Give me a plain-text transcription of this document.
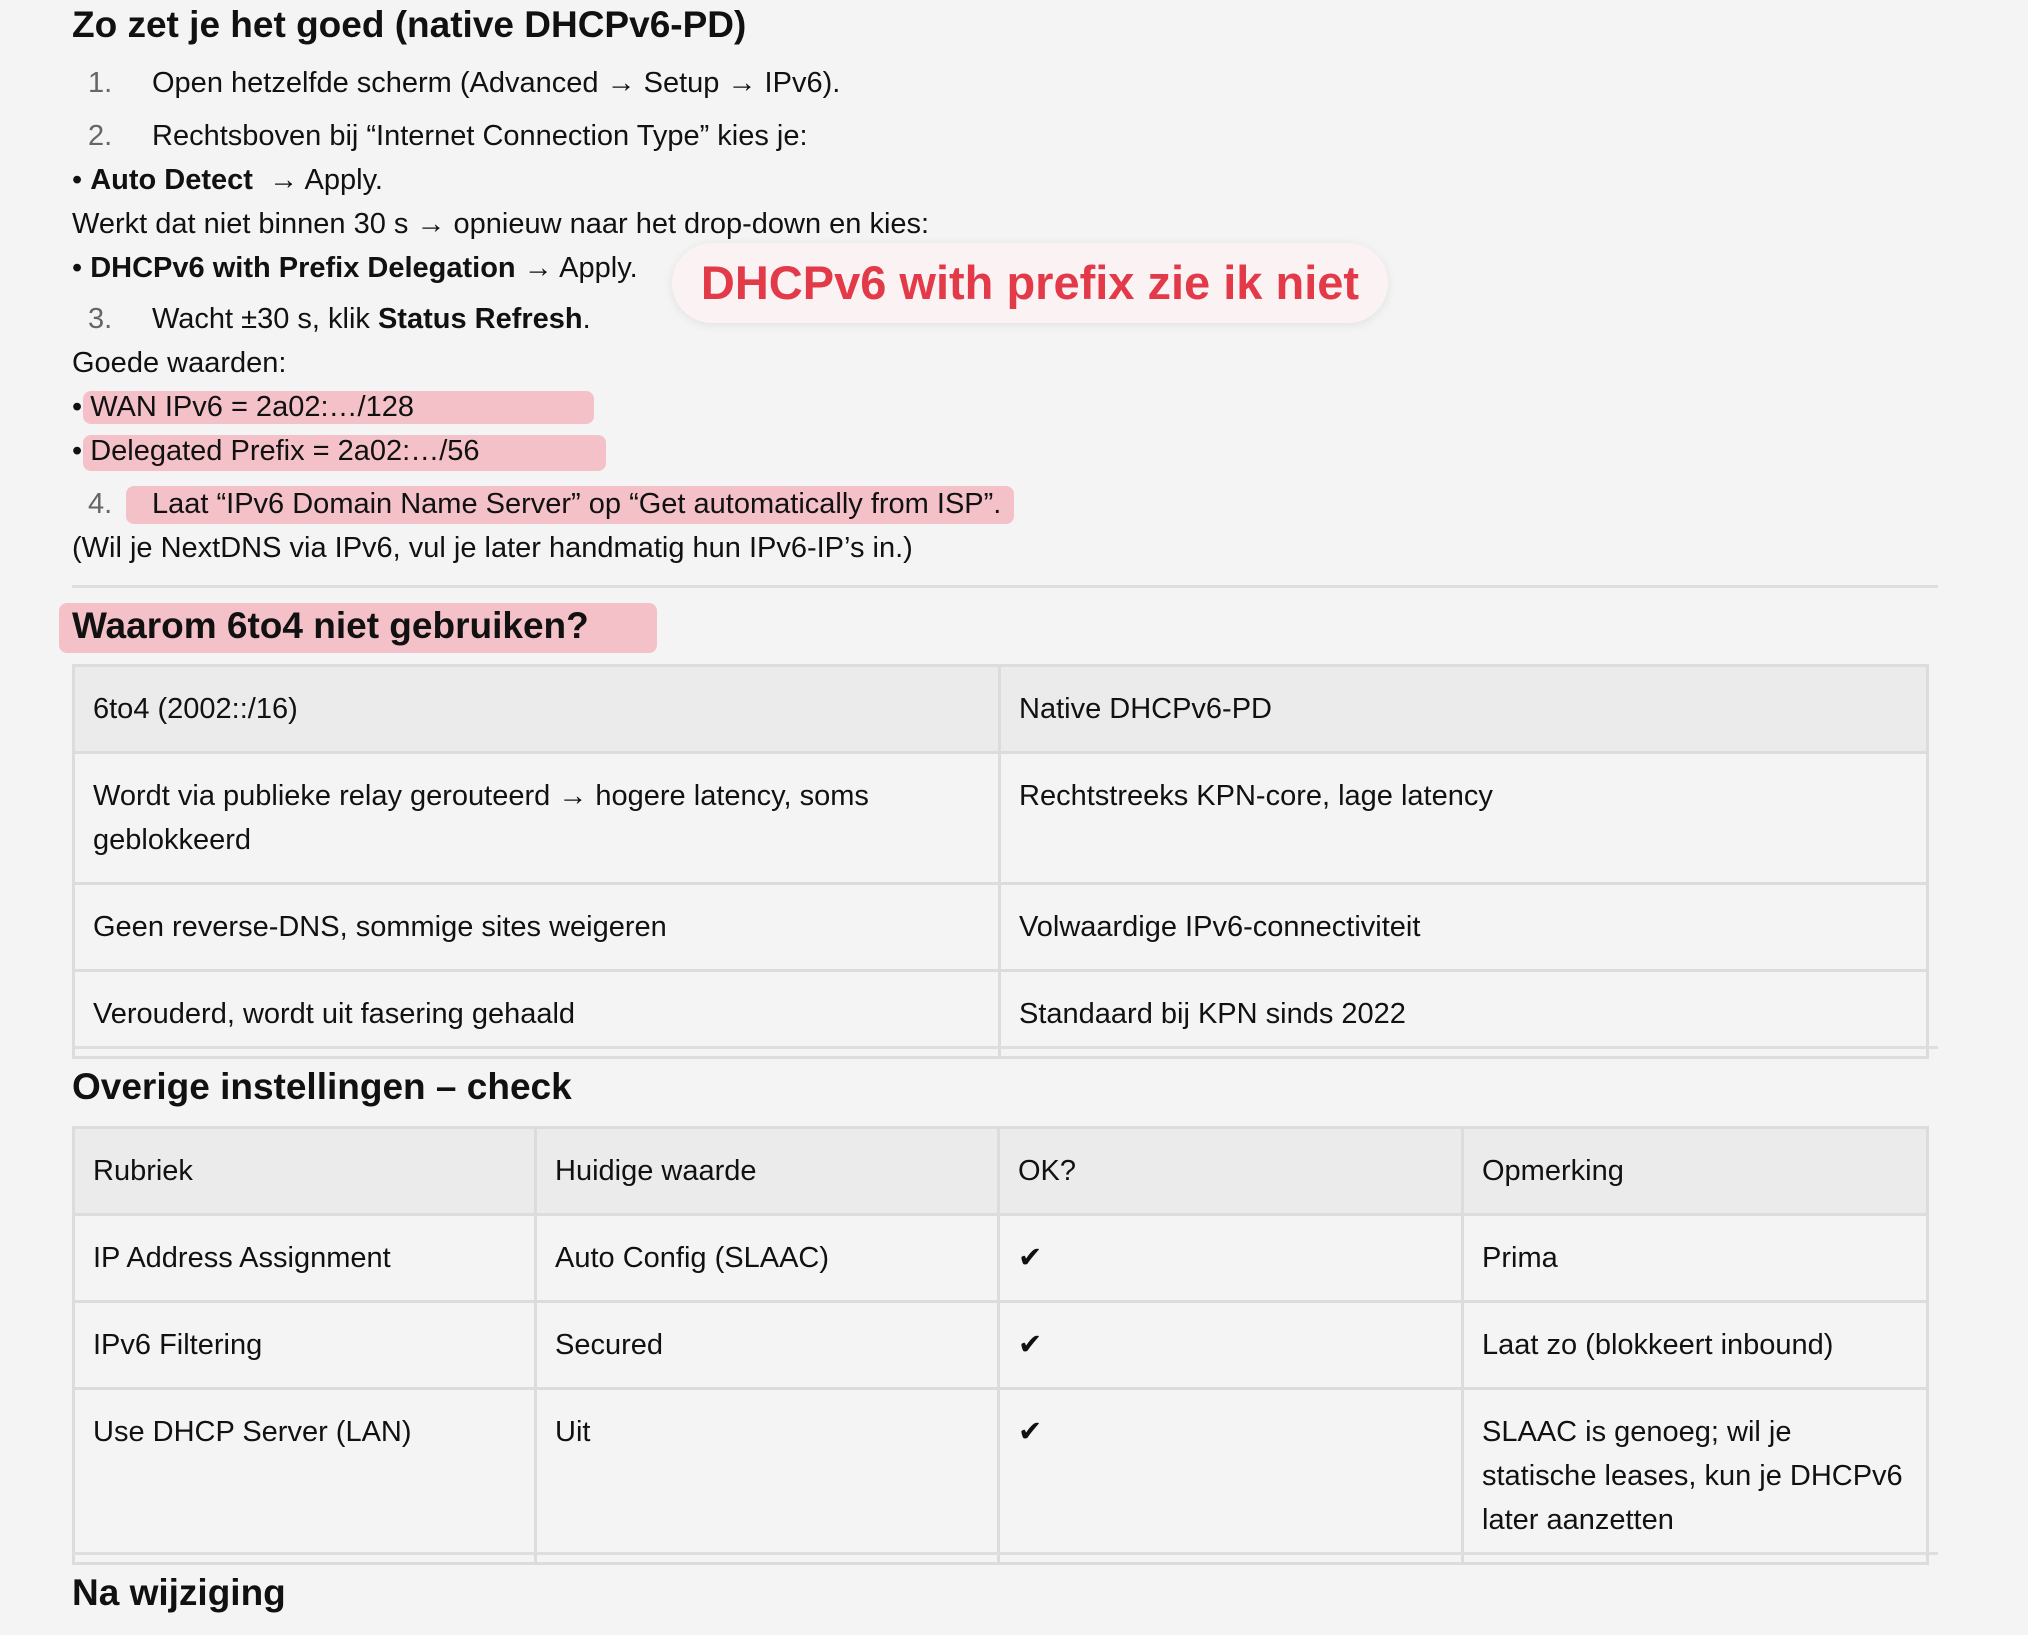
Zo zet je het goed (native DHCPv6-PD)
1. Open hetzelfde scherm (Advanced → Setup → IPv6).
2. Rechtsboven bij “Internet Connection Type” kies je:
• Auto Detect → Apply.
Werkt dat niet binnen 30 s → opnieuw naar het drop-down en kies:
• DHCPv6 with Prefix Delegation → Apply.	DHCPv6 with prefix zie ik niet
3. Wacht ±30 s, klik Status Refresh.
Goede waarden:
• WAN IPv6 = 2a02:…/128
• Delegated Prefix = 2a02:…/56
4. Laat “IPv6 Domain Name Server” op “Get automatically from ISP”.
(Wil je NextDNS via IPv6, vul je later handmatig hun IPv6-IP’s in.)
Waarom 6to4 niet gebruiken?
6to4 (2002::/16)	Native DHCPv6-PD
Wordt via publieke relay gerouteerd → hogere latency, soms geblokkeerd	Rechtstreeks KPN-core, lage latency
Geen reverse-DNS, sommige sites weigeren	Volwaardige IPv6-connectiviteit
Verouderd, wordt uit fasering gehaald	Standaard bij KPN sinds 2022
Overige instellingen – check
Rubriek	Huidige waarde	OK?	Opmerking
IP Address Assignment	Auto Config (SLAAC)	✔	Prima
IPv6 Filtering	Secured	✔	Laat zo (blokkeert inbound)
Use DHCP Server (LAN)	Uit	✔	SLAAC is genoeg; wil je statische leases, kun je DHCPv6 later aanzetten
Na wijziging
